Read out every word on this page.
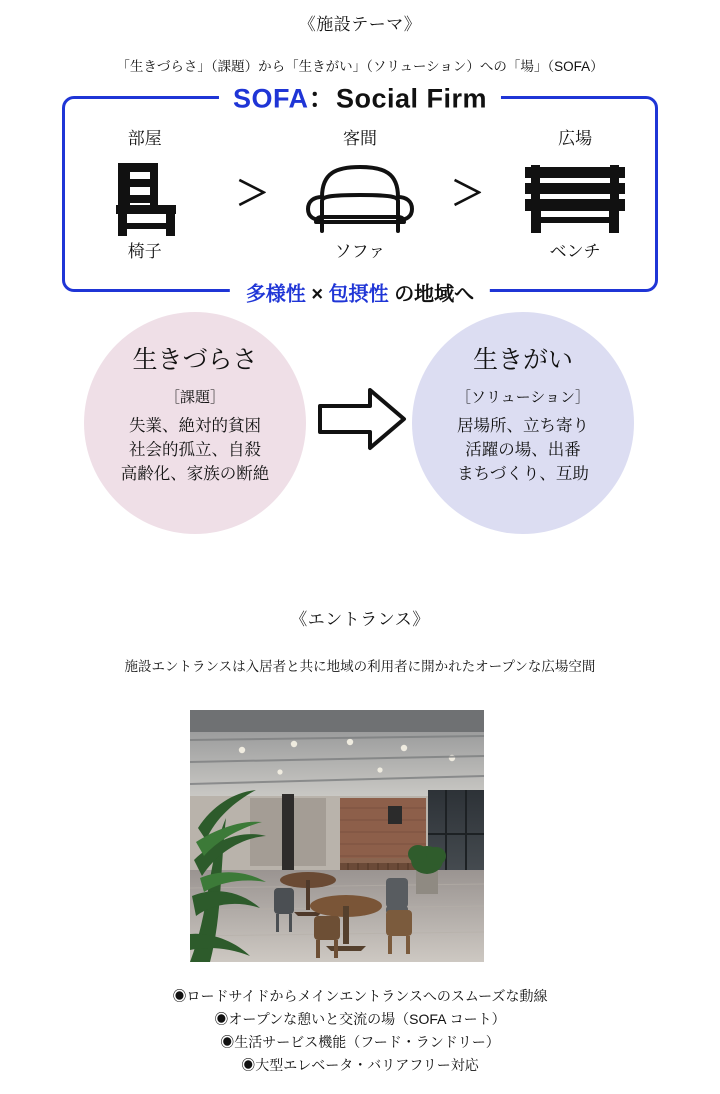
《施設テーマ》
「生きづらさ」（課題）から「生きがい」（ソリューション）への「場」（SOFA）
SOFA：Social Firm
部屋
椅子
＞
客間
ソファ
＞
広場
ベンチ
多様性 × 包摂性 の地域へ
生きづらさ
［課題］
失業、絶対的貧困
社会的孤立、自殺
高齢化、家族の断絶
生きがい
［ソリューション］
居場所、立ち寄り
活躍の場、出番
まちづくり、互助
《エントランス》
施設エントランスは入居者と共に地域の利用者に開かれたオープンな広場空間
◉ロードサイドからメインエントランスへのスムーズな動線
◉オープンな憩いと交流の場（SOFA コート）
◉生活サービス機能（フード・ランドリー）
◉大型エレベータ・バリアフリー対応
